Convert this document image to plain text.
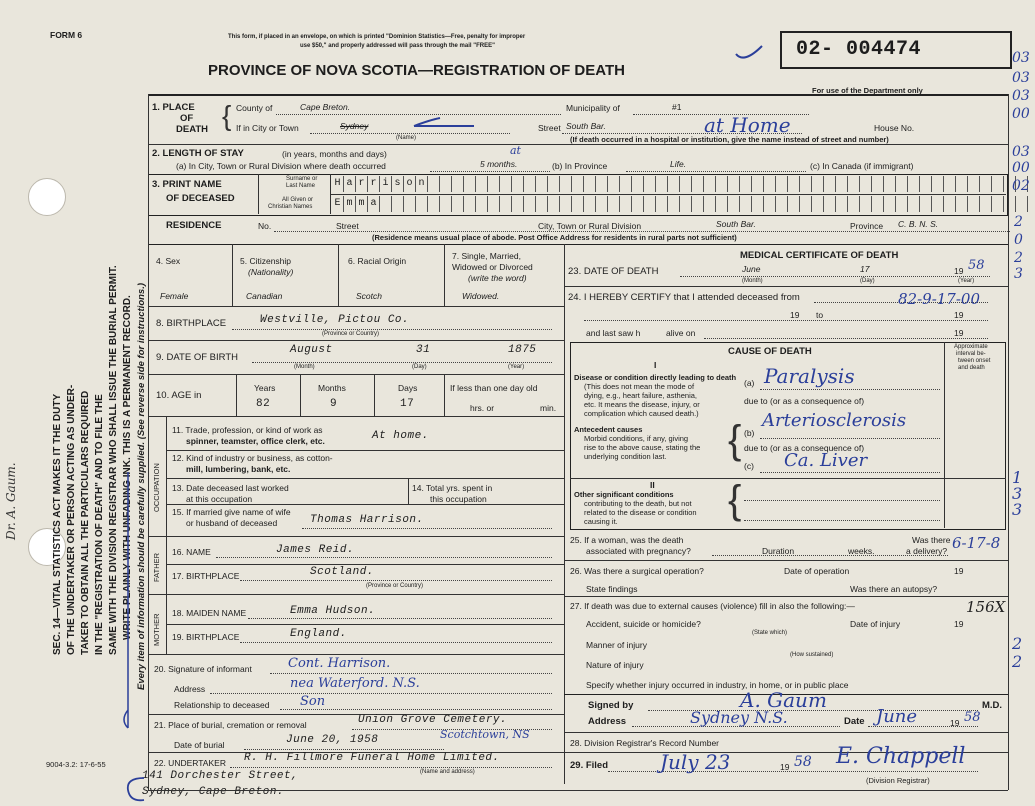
FORM 6	This form, if placed in an envelope, on which is printed "Dominion Statistics—Free, penalty for improper
use $50," and properly addressed will pass through the mail "FREE"
PROVINCE OF NOVA SCOTIA—REGISTRATION OF DEATH
02- 004474
For use of the Department only
SEC. 14—VITAL STATISTICS ACT MAKES IT THE DUTY OF THE UNDERTAKER OR PERSON ACTING AS UNDER- TAKER TO OBTAIN ALL THE PARTICULARS REQUIRED IN THE "REGISTRATION OF DEATH" AND TO FILE THE SAME WITH THE DIVISION REGISTRAR WHO SHALL ISSUE THE BURIAL PERMIT. WRITE PLAINLY WITH UNFADING INK. THIS IS A PERMANENT RECORD. Every item of information should be carefully supplied. (See reverse side for instructions.)
Dr. A. Gaum.
9004-3.2: 17-6-55
1. PLACE
OF
DEATH { County of	Cape Breton.	Municipality of	#1
If in City or Town	Sydney
(Name)
Street South Bar.	at Home	House No.
(If death occurred in a hospital or institution, give the name instead of street and number)
2. LENGTH OF STAY	(in years, months and days)
(a) In City, Town or Rural Division where death occurred	5 months.	(b) In Province	Life.	(c) In Canada (if immigrant)
3. PRINT NAME
OF DECEASED
Surname or
Last Name
All Given or
Christian Names
H a r r i s o n
E m m a
RESIDENCE	No.	Street	City, Town or Rural Division	South Bar.	Province C. B. N. S.
(Residence means usual place of abode. Post Office Address for residents in rural parts not sufficient)
4. Sex	5. Citizenship
(Nationality)
6. Racial Origin	7. Single, Married,
Widowed or Divorced
(write the word)
Female	Canadian	Scotch	Widowed.
8. BIRTHPLACE	Westville, Pictou Co.
(Province or Country)
9. DATE OF BIRTH
August	31	1875
(Month)	(Day)	(Year)
10. AGE in
Years	Months	Days
82	9	17
If less than one day old
hrs. or	min.
OCCUPATION
11. Trade, profession, or kind of work as
spinner, teamster, office clerk, etc.	At home.
12. Kind of industry or business, as cotton-
mill, lumbering, bank, etc.
13. Date deceased last worked
at this occupation
14. Total yrs. spent in
this occupation
15. If married give name of wife
or husband of deceased	Thomas Harrison.
FATHER
16. NAME	James Reid.
17. BIRTHPLACE	Scotland.
(Province or Country)
MOTHER
18. MAIDEN NAME	Emma Hudson.
19. BIRTHPLACE	England.
20. Signature of informant	Cont. Harrison.
Address	nea Waterford. N.S.
Relationship to deceased Son
21. Place of burial, cremation or removal	Union Grove Cemetery.
Scotchtown, NS
Date of burial	June 20, 1958
22. UNDERTAKER R. H. Fillmore Funeral Home Limited.
(Name and address)
141 Dorchester Street,
Sydney, Cape Breton.
MEDICAL CERTIFICATE OF DEATH
23. DATE OF DEATH	June	17	19 58
(Month)	(Day)	(Year)
24. I HEREBY CERTIFY that I attended deceased from
19 to	19
and last saw h	alive on	19
CAUSE OF DEATH	Approximate
interval be-
tween onset
and death
I
Disease or condition directly leading to death
(This does not mean the mode of
dying, e.g., heart failure, asthenia,
etc. It means the disease, injury, or
complication which caused death.)
(a) Paralysis
due to (or as a consequence of)
Antecedent causes
Morbid conditions, if any, giving
rise to the above cause, stating the
underlying condition last. { (b)
Arteriosclerosis
due to (or as a consequence of)
(c) Ca. Liver
II
Other significant conditions
contributing to the death, but not
related to the disease or condition
causing it.	{
25. If a woman, was the death
associated with pregnancy?	Duration	weeks.
Was there
a delivery?
26. Was there a surgical operation?	Date of operation	19
State findings	Was there an autopsy?
27. If death was due to external causes (violence) fill in also the following:—
Accident, suicide or homicide?	Date of injury	19
(State which)
Manner of injury
(How sustained)
Nature of injury
Specify whether injury occurred in industry, in home, or in public place
Signed by	A. Gaum	M.D.
Address	Sydney N.S.	Date June	19 58
28. Division Registrar's Record Number
29. Filed	July 23	19 58 E. Chappell
(Division Registrar)
03
03
03
00
03
00
02
2
0
2
3
82-9-17-00
1
3
3
6-17-8
156X
2
2
at
